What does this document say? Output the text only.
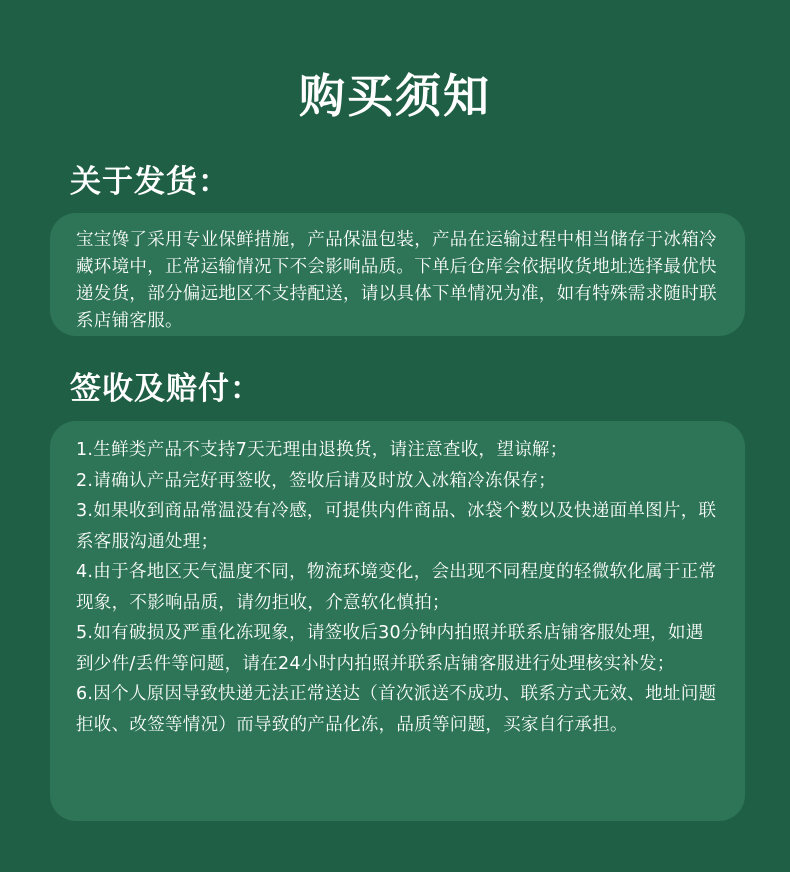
购买须知
关于发货：

宝宝馋了采用专业保鲜措施，产品保温包装，产品在运输过程中相当储存于冰箱冷藏环境中，正常运输情况下不会影响品质。下单后仓库会依据收货地址选择最优快递发货，部分偏远地区不支持配送，请以具体下单情况为准，如有特殊需求随时联系店铺客服。

签收及赔付：
1.生鲜类产品不支持7天无理由退换货，请注意查收，望谅解；
2.请确认产品完好再签收，签收后请及时放入冰箱冷冻保存；
3.如果收到商品常温没有冷感，可提供内件商品、冰袋个数以及快递面单图片，联系客服沟通处理；
4.由于各地区天气温度不同，物流环境变化，会出现不同程度的轻微软化属于正常现象，不影响品质，请勿拒收，介意软化慎拍；
5.如有破损及严重化冻现象，请签收后30分钟内拍照并联系店铺客服处理，如遇到少件/丢件等问题，请在24小时内拍照并联系店铺客服进行处理核实补发；
6.因个人原因导致快递无法正常送达（首次派送不成功、联系方式无效、地址问题拒收、改签等情况）而导致的产品化冻，品质等问题，买家自行承担。
